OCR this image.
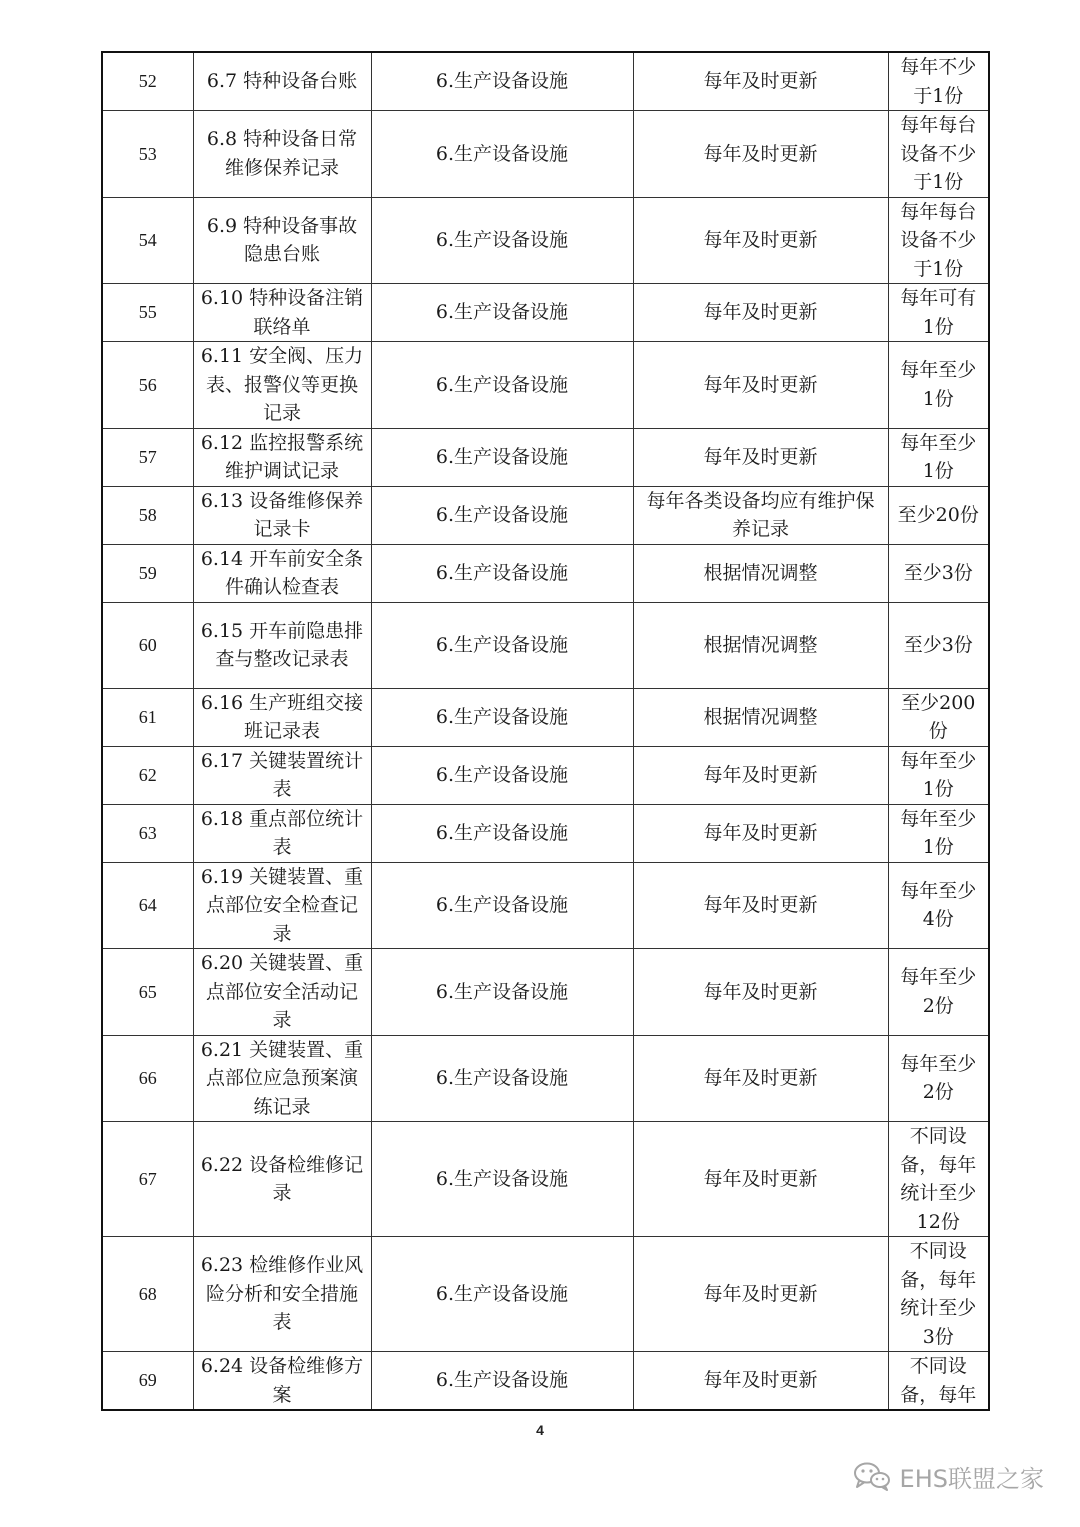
52	6.7 特种设备台账	6.生产设备设施	每年及时更新	每年不少于1份
53	6.8 特种设备日常维修保养记录	6.生产设备设施	每年及时更新	每年每台设备不少于1份
54	6.9 特种设备事故隐患台账	6.生产设备设施	每年及时更新	每年每台设备不少于1份
55	6.10 特种设备注销联络单	6.生产设备设施	每年及时更新	每年可有1份
56	6.11 安全阀、压力表、报警仪等更换记录	6.生产设备设施	每年及时更新	每年至少1份
57	6.12 监控报警系统维护调试记录	6.生产设备设施	每年及时更新	每年至少1份
58	6.13 设备维修保养记录卡	6.生产设备设施	每年各类设备均应有维护保养记录	至少20份
59	6.14 开车前安全条件确认检查表	6.生产设备设施	根据情况调整	至少3份
60	6.15 开车前隐患排查与整改记录表	6.生产设备设施	根据情况调整	至少3份
61	6.16 生产班组交接班记录表	6.生产设备设施	根据情况调整	至少200份
62	6.17 关键装置统计表	6.生产设备设施	每年及时更新	每年至少1份
63	6.18 重点部位统计表	6.生产设备设施	每年及时更新	每年至少1份
64	6.19 关键装置、重点部位安全检查记录	6.生产设备设施	每年及时更新	每年至少4份
65	6.20 关键装置、重点部位安全活动记录	6.生产设备设施	每年及时更新	每年至少2份
66	6.21 关键装置、重点部位应急预案演练记录	6.生产设备设施	每年及时更新	每年至少2份
67	6.22 设备检维修记录	6.生产设备设施	每年及时更新	不同设备，每年统计至少12份
68	6.23 检维修作业风险分析和安全措施表	6.生产设备设施	每年及时更新	不同设备，每年统计至少3份
69	6.24 设备检维修方案	6.生产设备设施	每年及时更新	不同设备，每年
4
EHS联盟之家
